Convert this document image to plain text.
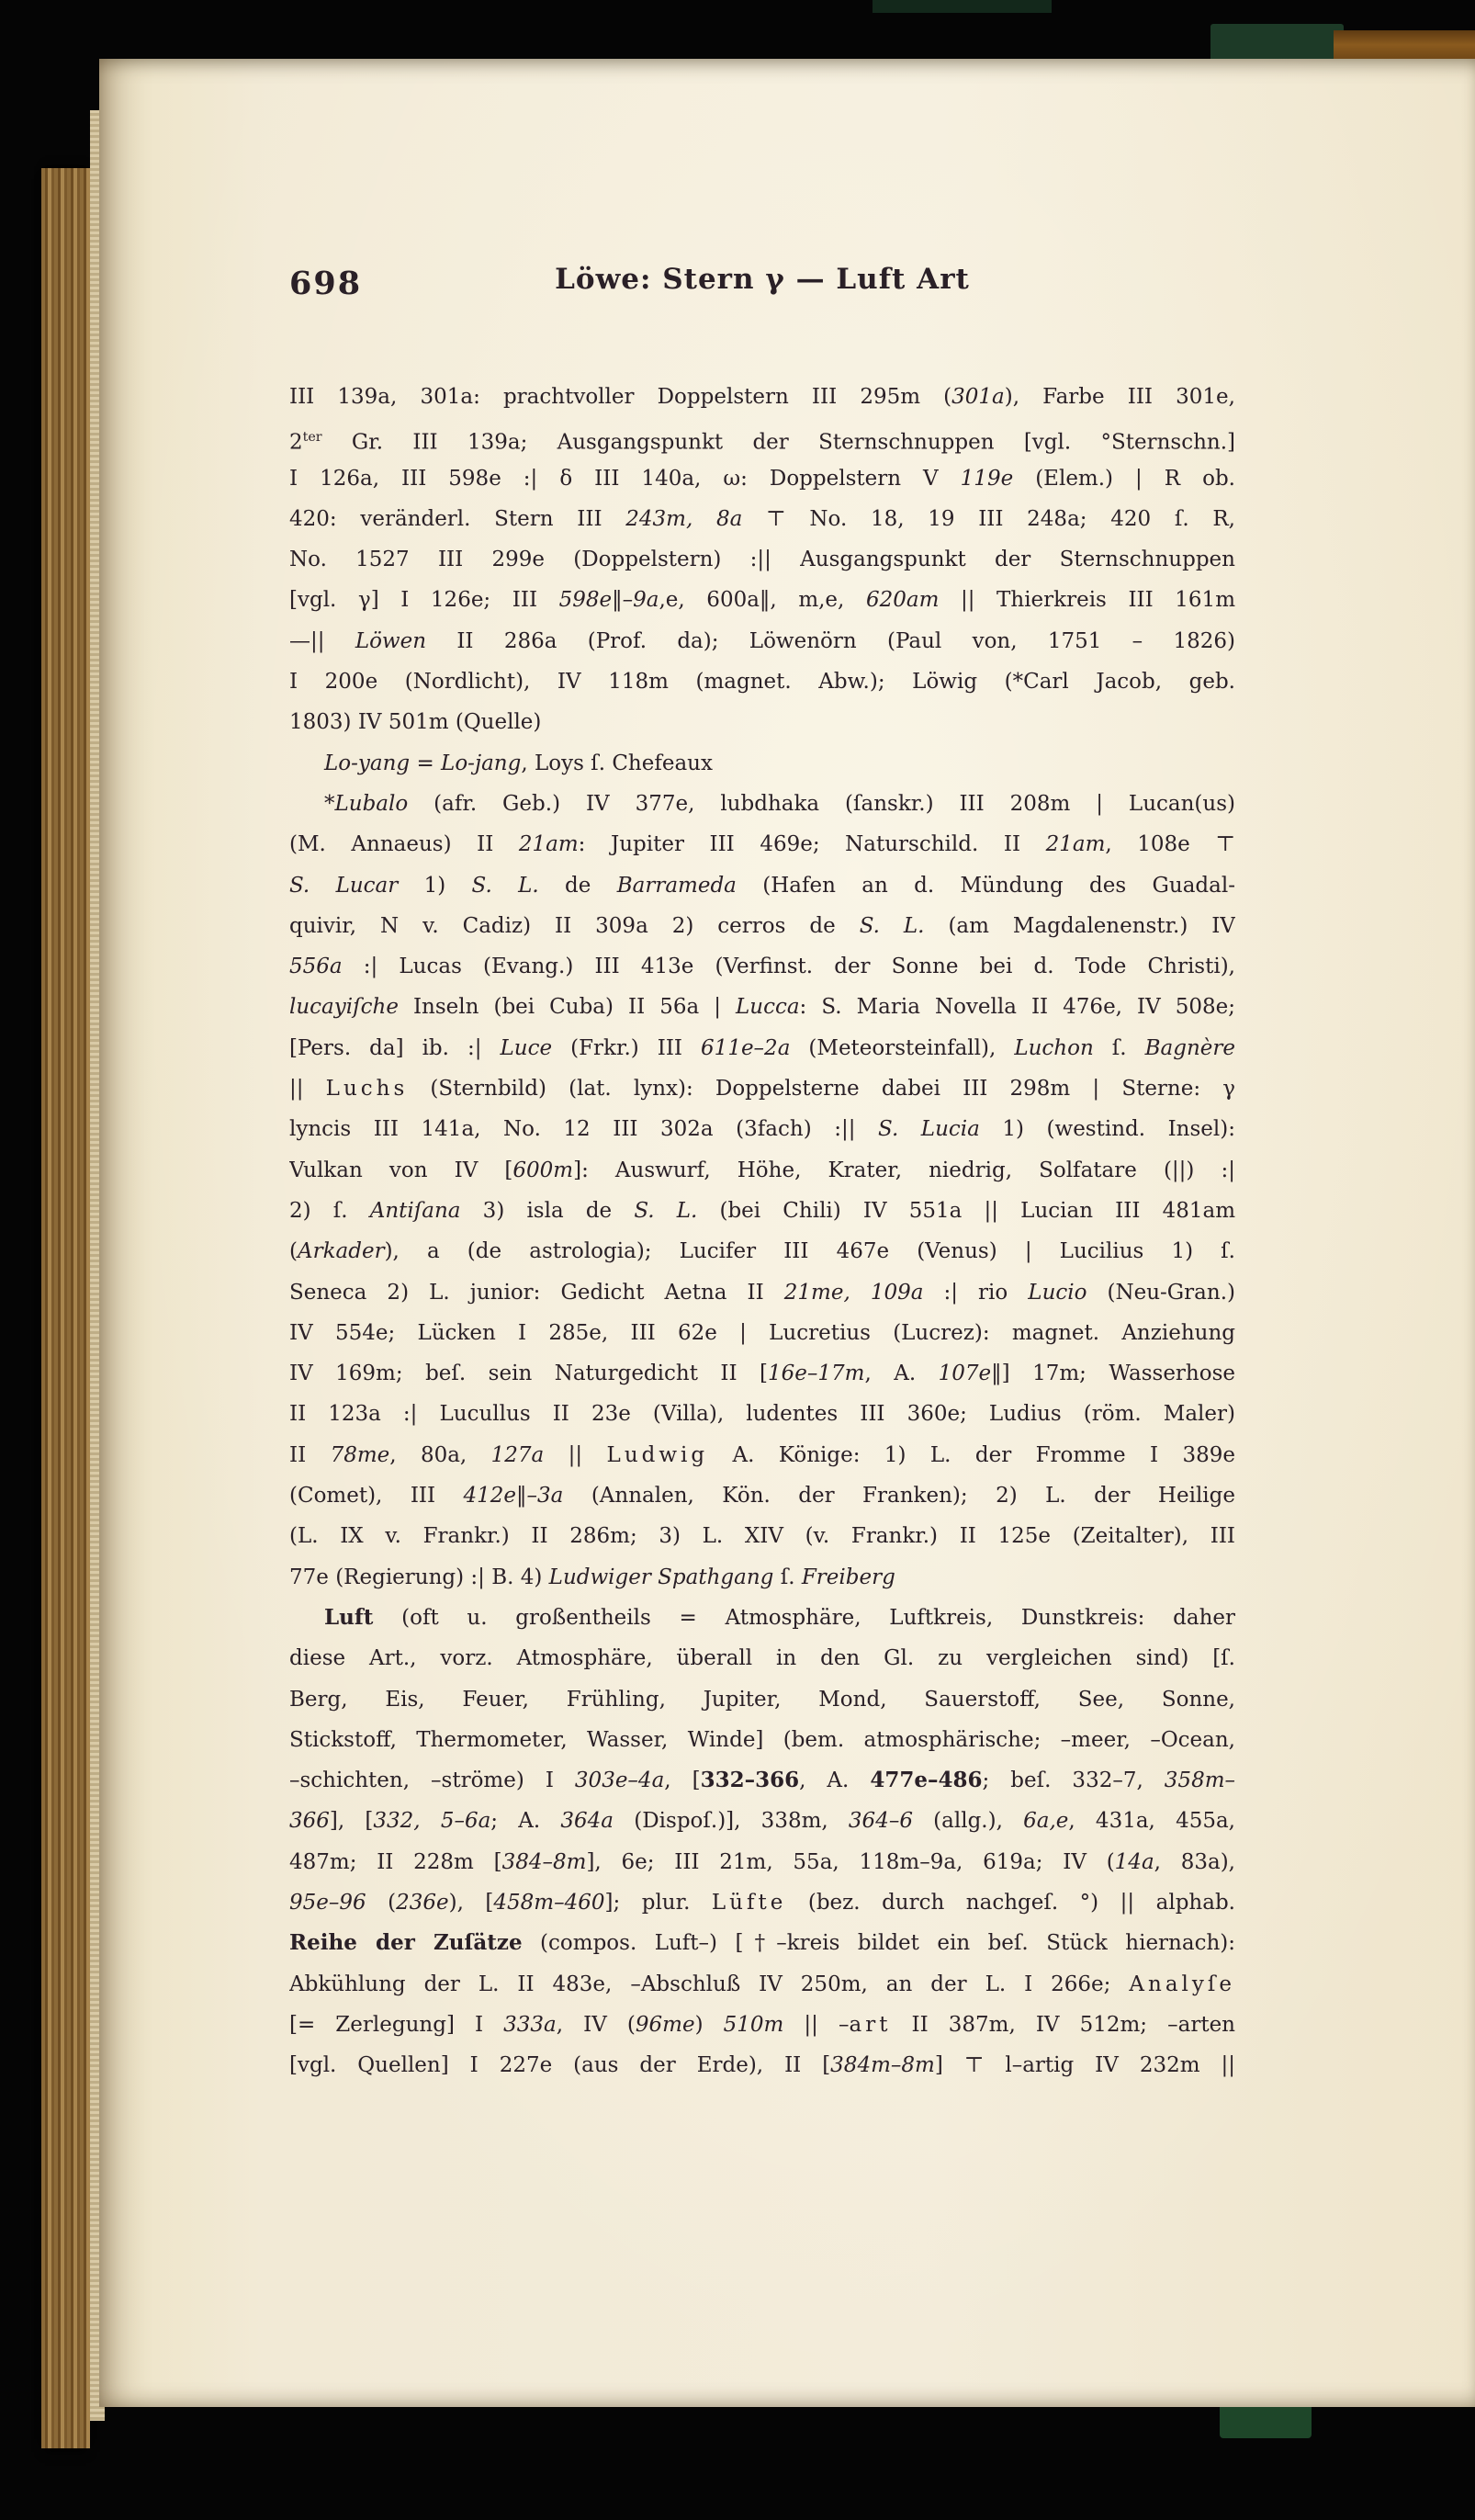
698	Löwe: Stern γ — Luft Art
III 139a, 301a: prachtvoller Doppelstern III 295m (301a), Farbe III 301e,
$2^{ter}$ Gr. III 139a; Ausgangspunkt der Sternschnuppen [vgl. °Sternschn.]
I 126a, III 598e :| δ III 140a, ω: Doppelstern V 119e (Elem.) | R ob.
420: veränderl. Stern III 243m, 8a ⊤ No. 18, 19 III 248a; 420 ſ. R,
No. 1527 III 299e (Doppelstern) :|| Ausgangspunkt der Sternschnuppen
[vgl. γ] I 126e; III 598e‖–9a,e, 600a‖, m,e, 620am || Thierkreis III 161m
—|| Löwen II 286a (Prof. da); Löwenörn (Paul von, 1751 – 1826)
I 200e (Nordlicht), IV 118m (magnet. Abw.); Löwig (*Carl Jacob, geb.
1803) IV 501m (Quelle)
Lo-yang = Lo-jang, Loys ſ. Chefeaux
*Lubalo (afr. Geb.) IV 377e, lubdhaka (ſanskr.) III 208m | Lucan(us)
(M. Annaeus) II 21am: Jupiter III 469e; Naturschild. II 21am, 108e ⊤
S. Lucar 1) S. L. de Barrameda (Hafen an d. Mündung des Guadal-
quivir, N v. Cadiz) II 309a 2) cerros de S. L. (am Magdalenenstr.) IV
556a :| Lucas (Evang.) III 413e (Verfinst. der Sonne bei d. Tode Christi),
lucayiſche Inseln (bei Cuba) II 56a | Lucca: S. Maria Novella II 476e, IV 508e;
[Pers. da] ib. :| Luce (Frkr.) III 611e–2a (Meteorsteinfall), Luchon ſ. Bagnère
|| Luchs (Sternbild) (lat. lynx): Doppelsterne dabei III 298m | Sterne: γ
lyncis III 141a, No. 12 III 302a (3fach) :|| S. Lucia 1) (westind. Insel):
Vulkan von IV [600m]: Auswurf, Höhe, Krater, niedrig, Solfatare (||) :|
2) ſ. Antiſana 3) isla de S. L. (bei Chili) IV 551a || Lucian III 481am
(Arkader), a (de astrologia); Lucifer III 467e (Venus) | Lucilius 1) ſ.
Seneca 2) L. junior: Gedicht Aetna II 21me, 109a :| rio Lucio (Neu-Gran.)
IV 554e; Lücken I 285e, III 62e | Lucretius (Lucrez): magnet. Anziehung
IV 169m; beſ. sein Naturgedicht II [16e–17m, A. 107e‖] 17m; Wasserhose
II 123a :| Lucullus II 23e (Villa), ludentes III 360e; Ludius (röm. Maler)
II 78me, 80a, 127a || Ludwig A. Könige: 1) L. der Fromme I 389e
(Comet), III 412e‖–3a (Annalen, Kön. der Franken); 2) L. der Heilige
(L. IX v. Frankr.) II 286m; 3) L. XIV (v. Frankr.) II 125e (Zeitalter), III
77e (Regierung) :| B. 4) Ludwiger Spathgang ſ. Freiberg
Luft (oft u. großentheils = Atmosphäre, Luftkreis, Dunstkreis: daher
diese Art., vorz. Atmosphäre, überall in den Gl. zu vergleichen sind) [ſ.
Berg, Eis, Feuer, Frühling, Jupiter, Mond, Sauerstoff, See, Sonne,
Stickstoff, Thermometer, Wasser, Winde] (bem. atmosphärische; –meer, –Ocean,
–schichten, –ströme) I 303e–4a, [332–366, A. 477e–486; beſ. 332–7, 358m–
366], [332, 5–6a; A. 364a (Dispoſ.)], 338m, 364–6 (allg.), 6a,e, 431a, 455a,
487m; II 228m [384–8m], 6e; III 21m, 55a, 118m–9a, 619a; IV (14a, 83a),
95e–96 (236e), [458m–460]; plur. Lüfte (bez. durch nachgeſ. °) || alphab.
Reihe der Zuſätze (compos. Luft–) [†–kreis bildet ein beſ. Stück hiernach):
Abkühlung der L. II 483e, –Abschluß IV 250m, an der L. I 266e; Analyſe
[= Zerlegung] I 333a, IV (96me) 510m || –art II 387m, IV 512m; –arten
[vgl. Quellen] I 227e (aus der Erde), II [384m–8m] ⊤ l–artig IV 232m ||
